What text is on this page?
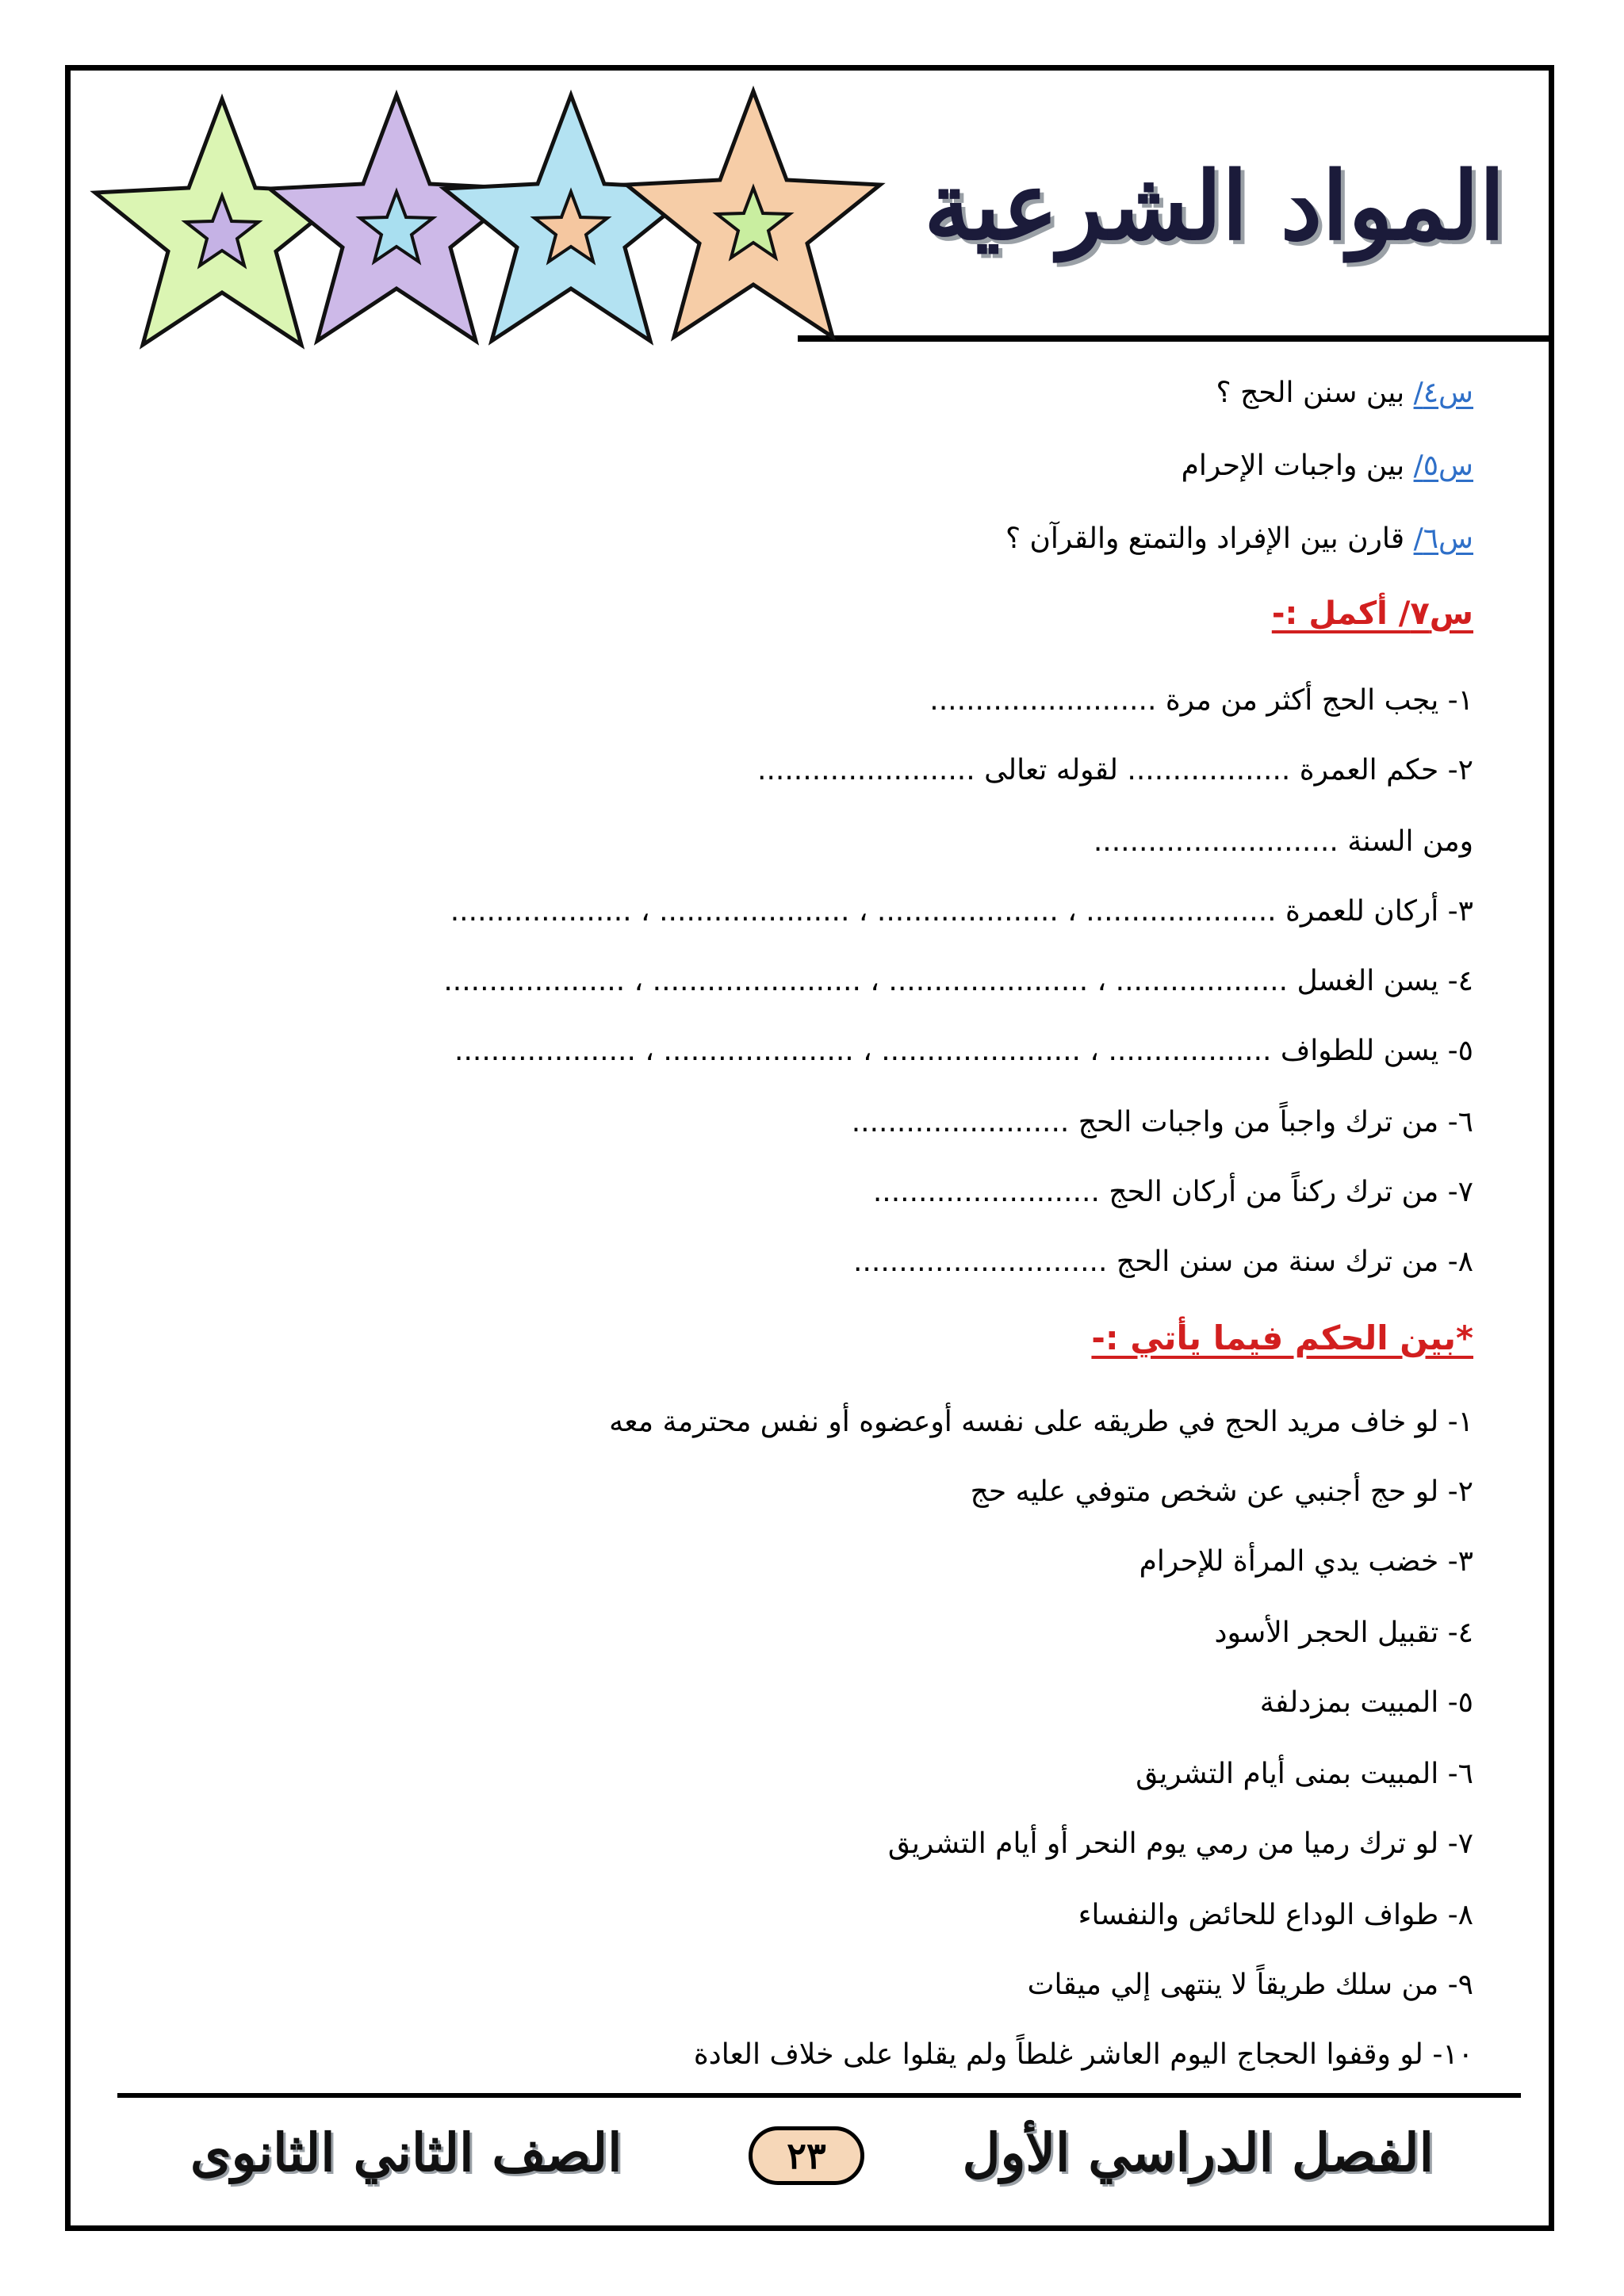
المواد الشرعية
س٤/ بين سنن الحج ؟
س٥/ بين واجبات الإحرام
س٦/ قارن بين الإفراد والتمتع والقرآن ؟
س٧/ أكمل :-
١- يجب الحج أكثر من مرة .........................
٢- حكم العمرة .................. لقوله تعالى ........................
ومن السنة ...........................
٣- أركان للعمرة ..................... ، .................... ، ..................... ، ....................
٤- يسن الغسل ................... ، ...................... ، ....................... ، ....................
٥- يسن للطواف .................. ، ...................... ، ..................... ، ....................
٦- من ترك واجباً من واجبات الحج ........................
٧- من ترك ركناً من أركان الحج .........................
٨- من ترك سنة من سنن الحج ............................
*بين الحكم فيما يأتي :-
١- لو خاف مريد الحج في طريقه على نفسه أوعضوه أو نفس محترمة معه
٢- لو حج أجنبي عن شخص متوفي عليه حج
٣- خضب يدي المرأة للإحرام
٤- تقبيل الحجر الأسود
٥- المبيت بمزدلفة
٦- المبيت بمنى أيام التشريق
٧- لو ترك رميا من رمي يوم النحر أو أيام التشريق
٨- طواف الوداع للحائض والنفساء
٩- من سلك طريقاً لا ينتهى إلي ميقات
١٠- لو وقفوا الحجاج اليوم العاشر غلطاً ولم يقلوا على خلاف العادة
الفصل الدراسي الأول
٢٣
الصف الثاني الثانوى
